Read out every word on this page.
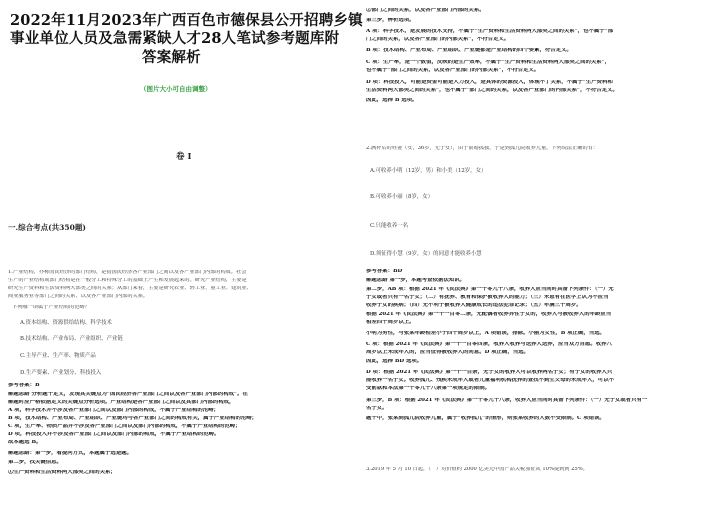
2022年11月2023年广西百色市德保县公开招聘乡镇
事业单位人员及急需紧缺人才28人笔试参考题库附
答案解析
（图片大小可自由调整）
卷 I
一.综合考点(共350题)
1.产业结构，亦称国民经济的部门结构，是指国民经济各产业部门之间以及各产业部门内部的构成。社会
生产的产业结构或部门结构是在一般分工和特殊分工的基础上产生和发展起来的。研究产业结构，主要是
研究生产资料和生活资料两大部类之间的关系；从部门来看，主要是研究农业、轻工业、重工业、建筑业、
商业服务业等部门之间的关系，以及各产业部门内部的关系。
下列哪一项属于产业结构的范畴？
A.资本结构、资源供给结构、科学技术
B.技术结构、产业布局、产业组织、产业链
C.主导产业、生产率、物质产品
D.生产要素、产业划分、科技投入
参考答案：B
解题思路 分析题干定义，发现其关键点为“国民经济各产业部门之间以及各产业部门内部的构成”。在
解题时应严格依据定义的关键点分析选项。产业结构是各产业部门之间以及其部门内部的构成，
A 项，科学技术并不涉及各产业部门之间以及部门内部的构成，不属于产业结构的范畴；
B 项，技术结构、产业布局、产业组织、产业链均与各产业部门之间的构成有关，属于产业结构的范畴；
C 项，生产率、物质产品并不涉及各产业部门之间以及部门内部的构成，不属于产业结构的范畴；
D 项，科技投入并不涉及各产业部门之间以及部门内部的构成，不属于产业结构的范畴。
故本题选 B。
解题思路：第一步，看提问方式，本题属于选是题。
第二步，找关键信息。
①生产资料和生活资料两大部类之间的关系；
②部门之间的关系，以及各产业部门内部的关系。
第三步，辨析选项。
A 项：科学技术，是发展的技术支持，不属于“生产资料和生活资料两大部类之间的关系”，也不属于“部
门之间的关系，以及各产业部门的内部关系”，不符合定义。
B 项：技术结构、产业布局、产业组织、产业链都是产业结构的四个要素，符合定义。
C 项：生产率，是一个数值，反映的是生产效率，不属于“生产资料和生活资料两大部类之间的关系”，
也不属于“部门之间的关系，以及各产业部门的内部关系”，不符合定义。
D 项：科技投入，可能是资金可能是人力投入，是具体的资源投入，体现不了关系，不属于“生产资料和
生活资料两大部类之间的关系”，也不属于“部门之间的关系，以及各产业部门的内部关系”，不符合定义。
因此，选择 B 选项。
2.满补后的姓妻（女，36岁，无子女），由于前婚孤独，于是到孤儿院收养儿童。下列说法正确的有：
A.可收养小明（12岁，男）和小美（12岁，女）
B.可收养小丽（8岁，女）
C.只能收养一名
D.须征得小慧（9岁，女）的同意才能收养小慧
参考答案：BD
解题思路 第一步，本题考查依据法知识。
第二步，AB 项：根据 2021 年《民法典》第一千零九十八条，收养人应当同时具备下列条件：（一）无
子女或者只有一名子女；（二）有抚养、教育和保护被收养人的能力；（三）未患有在医学上认为不应当
收养子女的疾病；（四）无不利于被收养人健康成长的违法犯罪记录；（五）年满三十周岁。
根据 2021 年《民法典》第一千一百零二条，无配偶者收养异性子女的，收养人与被收养人的年龄应当
相差四十周岁以上。
小明为男性，与张某年龄相差小于四十周岁以上，A 项错误，排除。小丽为女性，B 项正确，当选。
C 项：根据 2021 年《民法典》第一千一百零四条，收养人收养与送养人送养，应当双方自愿。收养八
周岁以上未成年人的，应当征得被收养人的同意。D 项正确，当选。
因此，选择 BD 选项。
D 项：根据 2021 年《民法典》第一千一百条，无子女的收养人可以收养两名子女；有子女的收养人只
能收养一名子女。收养孤儿、残疾未成年人或者儿童福利机构抚养的查找不到生父母的未成年人，可以不
受前款和本法第一千零九十八条第一项规定的限制。
第三步，B 项：根据 2021 年《民法典》第一千零九十八条，收养人应当同时具备下列条件：（一）无子女或者只有一
名子女。
题干中，张某到孤儿院收养儿童，属于“收养孤儿”的情形，则张某收养的人数不受限制。C 项错误。
3.2019 年 5 月 10 日起，（　）对价值约 2000 亿美元中国产品关税加征从 10%提到到 25%。
